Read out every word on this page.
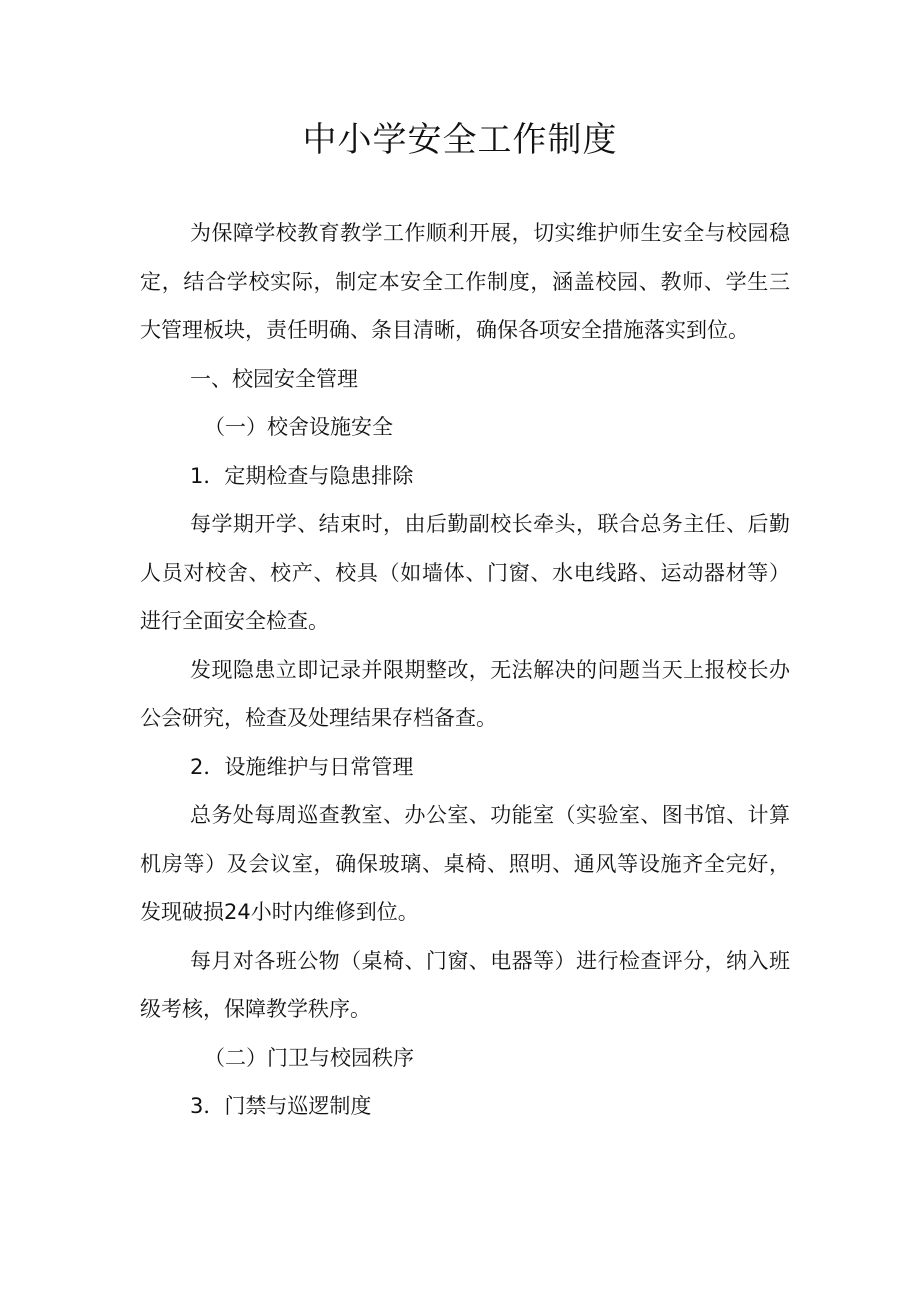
中小学安全工作制度

为保障学校教育教学工作顺利开展，切实维护师生安全与校园稳定，结合学校实际，制定本安全工作制度，涵盖校园、教师、学生三大管理板块，责任明确、条目清晰，确保各项安全措施落实到位。

一、校园安全管理

（一）校舍设施安全

1．定期检查与隐患排除

每学期开学、结束时，由后勤副校长牵头，联合总务主任、后勤人员对校舍、校产、校具（如墙体、门窗、水电线路、运动器材等）进行全面安全检查。

发现隐患立即记录并限期整改，无法解决的问题当天上报校长办公会研究，检查及处理结果存档备查。

2．设施维护与日常管理

总务处每周巡查教室、办公室、功能室（实验室、图书馆、计算机房等）及会议室，确保玻璃、桌椅、照明、通风等设施齐全完好，发现破损24小时内维修到位。

每月对各班公物（桌椅、门窗、电器等）进行检查评分，纳入班级考核，保障教学秩序。

（二）门卫与校园秩序

3．门禁与巡逻制度
